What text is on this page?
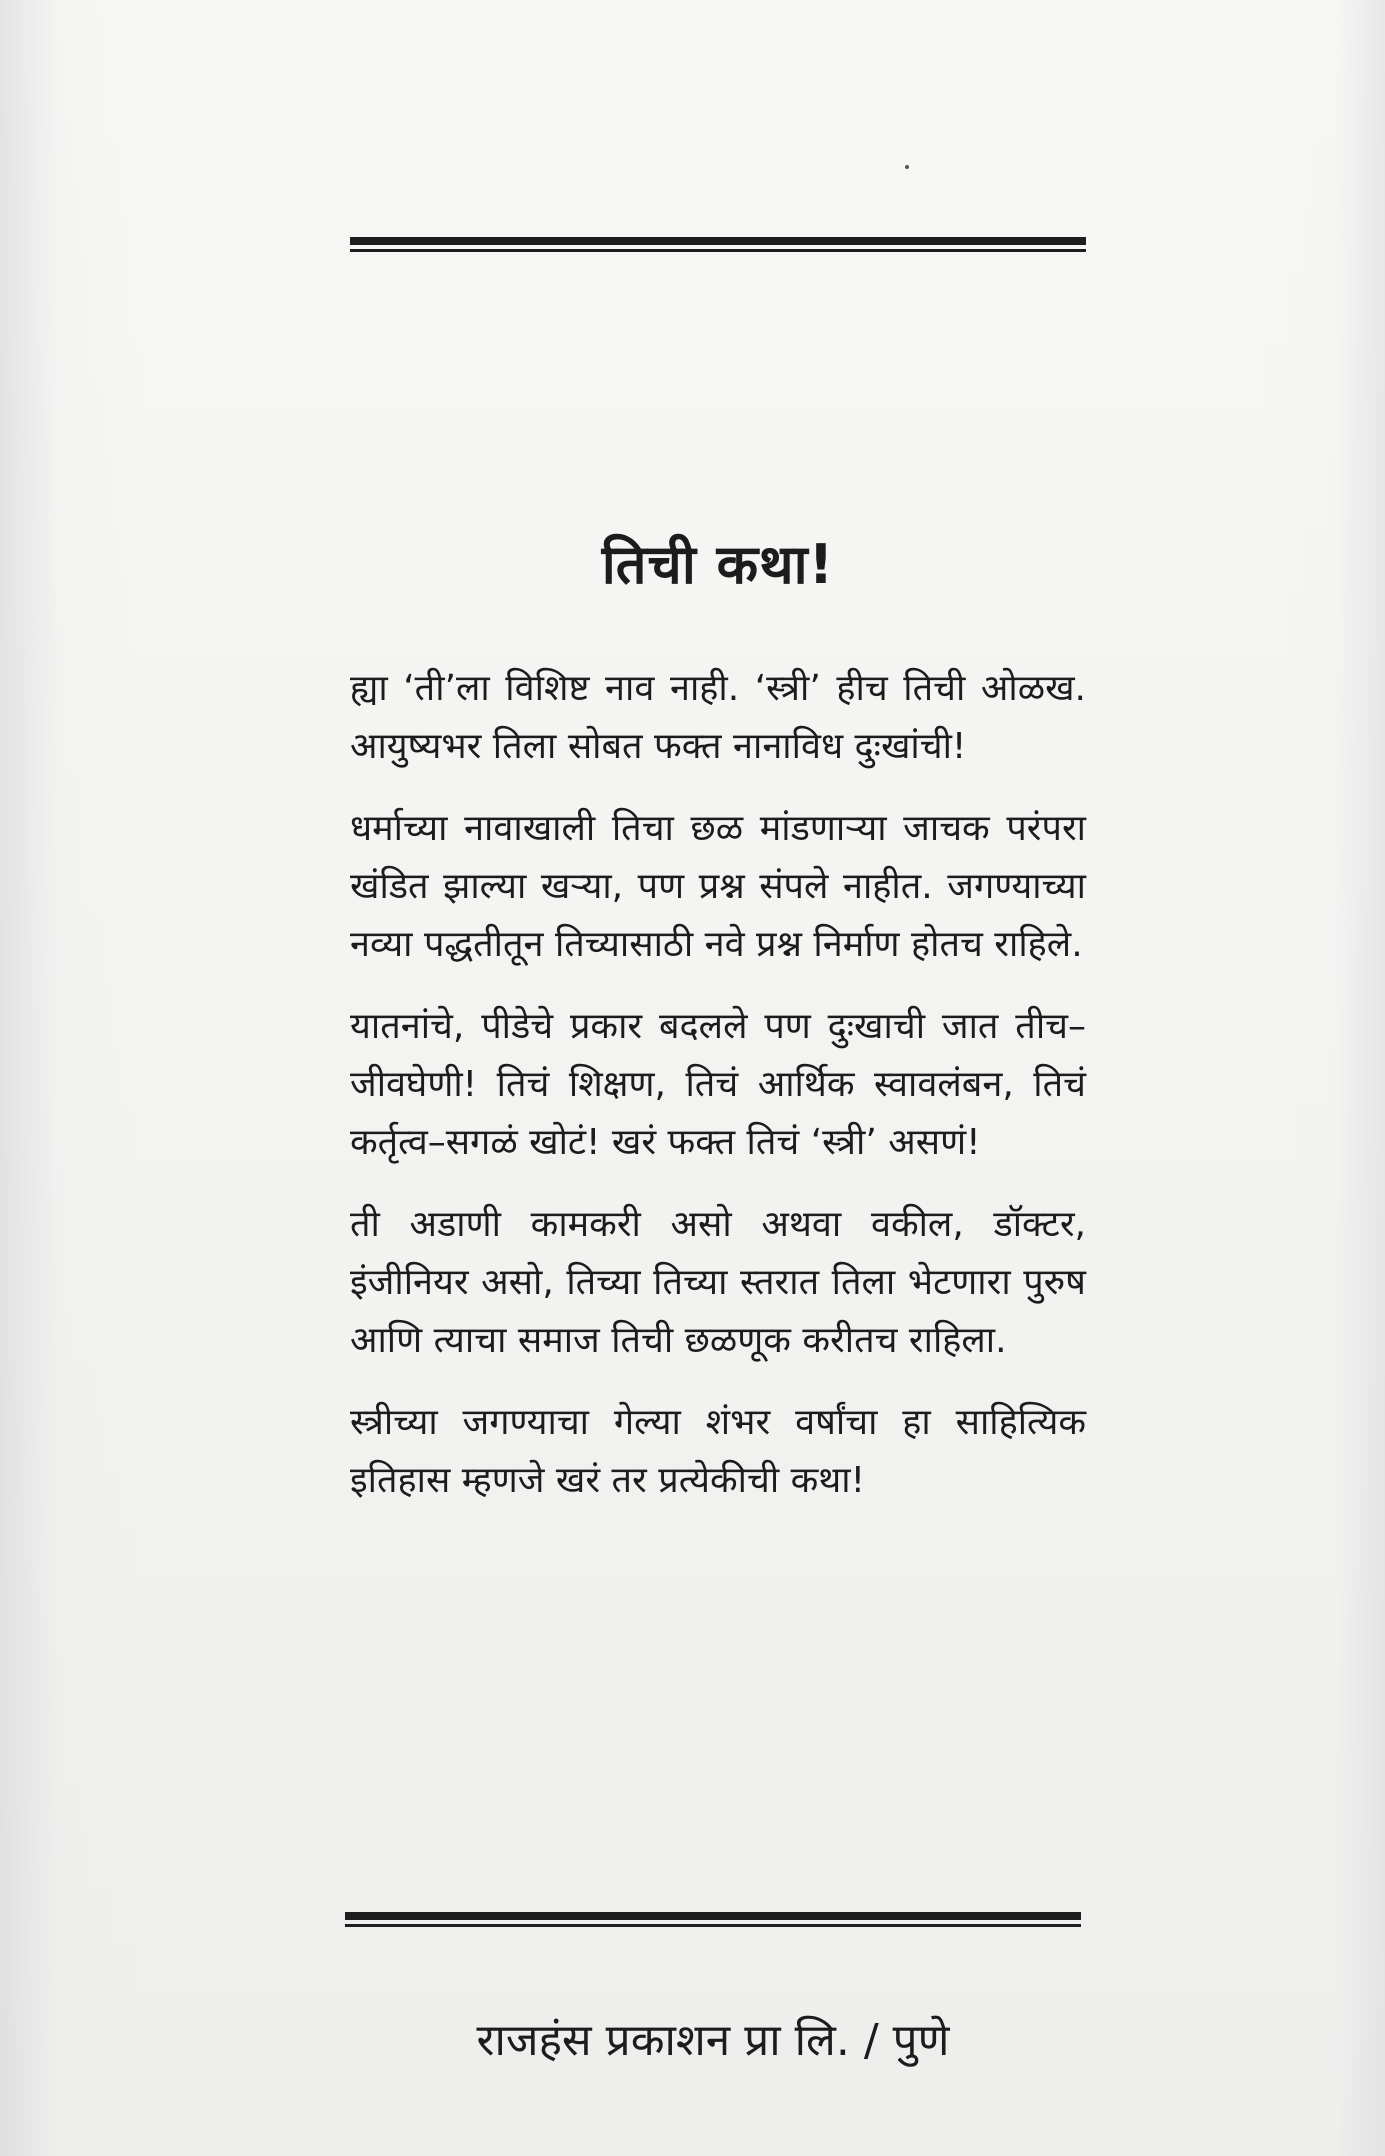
तिची कथा!

ह्या ‘ती’ला विशिष्ट नाव नाही. ‘स्त्री’ हीच तिची ओळख. आयुष्यभर तिला सोबत फक्त नानाविध दुःखांची!

धर्माच्या नावाखाली तिचा छळ मांडणाऱ्या जाचक परंपरा खंडित झाल्या खऱ्या, पण प्रश्न संपले नाहीत. जगण्याच्या नव्या पद्धतीतून तिच्यासाठी नवे प्रश्न निर्माण होतच राहिले.

यातनांचे, पीडेचे प्रकार बदलले पण दुःखाची जात तीच–जीवघेणी! तिचं शिक्षण, तिचं आर्थिक स्वावलंबन, तिचं कर्तृत्व–सगळं खोटं! खरं फक्त तिचं ‘स्त्री’ असणं!

ती अडाणी कामकरी असो अथवा वकील, डॉक्टर, इंजीनियर असो, तिच्या तिच्या स्तरात तिला भेटणारा पुरुष आणि त्याचा समाज तिची छळणूक करीतच राहिला.

स्त्रीच्या जगण्याचा गेल्या शंभर वर्षांचा हा साहित्यिक इतिहास म्हणजे खरं तर प्रत्येकीची कथा!

राजहंस प्रकाशन प्रा लि. / पुणे
